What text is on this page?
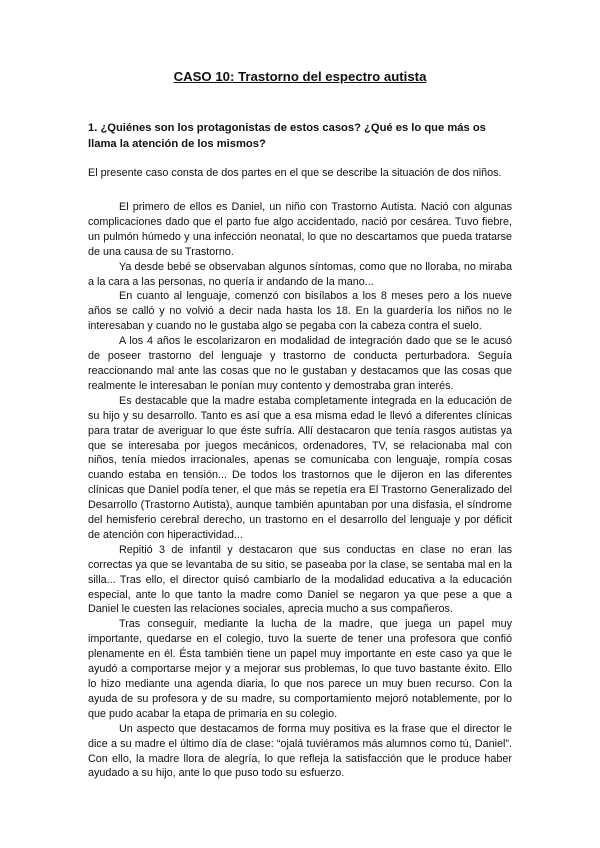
CASO 10: Trastorno del espectro autista

1. ¿Quiénes son los protagonistas de estos casos? ¿Qué es lo que más os llama la atención de los mismos?

El presente caso consta de dos partes en el que se describe la situación de dos niños.

El primero de ellos es Daniel, un niño con Trastorno Autista. Nació con algunas complicaciones dado que el parto fue algo accidentado, nació por cesárea. Tuvo fiebre, un pulmón húmedo y una infección neonatal, lo que no descartamos que pueda tratarse de una causa de su Trastorno.

Ya desde bebé se observaban algunos síntomas, como que no lloraba, no miraba a la cara a las personas, no quería ir andando de la mano...

En cuanto al lenguaje, comenzó con bisílabos a los 8 meses pero a los nueve años se calló y no volvió a decir nada hasta los 18. En la guardería los niños no le interesaban y cuando no le gustaba algo se pegaba con la cabeza contra el suelo.

A los 4 años le escolarizaron en modalidad de integración dado que se le acusó de poseer trastorno del lenguaje y trastorno de conducta perturbadora. Seguía reaccionando mal ante las cosas que no le gustaban y destacamos que las cosas que realmente le interesaban le ponían muy contento y demostraba gran interés.

Es destacable que la madre estaba completamente integrada en la educación de su hijo y su desarrollo. Tanto es así que a esa misma edad le llevó a diferentes clínicas para tratar de averiguar lo que éste sufría. Allí destacaron que tenía rasgos autistas ya que se interesaba por juegos mecánicos, ordenadores, TV, se relacionaba mal con niños, tenía miedos irracionales, apenas se comunicaba con lenguaje, rompía cosas cuando estaba en tensión... De todos los trastornos que le dijeron en las diferentes clínicas que Daniel podía tener, el que más se repetía era El Trastorno Generalizado del Desarrollo (Trastorno Autista), aunque también apuntaban por una disfasia, el síndrome del hemisferio cerebral derecho, un trastorno en el desarrollo del lenguaje y por déficit de atención con hiperactividad...

Repitió 3 de infantil y destacaron que sus conductas en clase no eran las correctas ya que se levantaba de su sitio, se paseaba por la clase, se sentaba mal en la silla... Tras ello, el director quisó cambiarlo de la modalidad educativa a la educación especial, ante lo que tanto la madre como Daniel se negaron ya que pese a que a Daniel le cuesten las relaciones sociales, aprecia mucho a sus compañeros.

Tras conseguir, mediante la lucha de la madre, que juega un papel muy importante, quedarse en el colegio, tuvo la suerte de tener una profesora que confió plenamente en él. Ésta también tiene un papel muy importante en este caso ya que le ayudó a comportarse mejor y a mejorar sus problemas, lo que tuvo bastante éxito. Ello lo hizo mediante una agenda diaria, lo que nos parece un muy buen recurso. Con la ayuda de su profesora y de su madre, su comportamiento mejoró notablemente, por lo que pudo acabar la etapa de primaria en su colegio.

Un aspecto que destacamos de forma muy positiva es la frase que el director le dice a su madre el último día de clase: “ojalá tuviéramos más alumnos como tú, Daniel”. Con ello, la madre llora de alegría, lo que refleja la satisfacción que le produce haber ayudado a su hijo, ante lo que puso todo su esfuerzo.
